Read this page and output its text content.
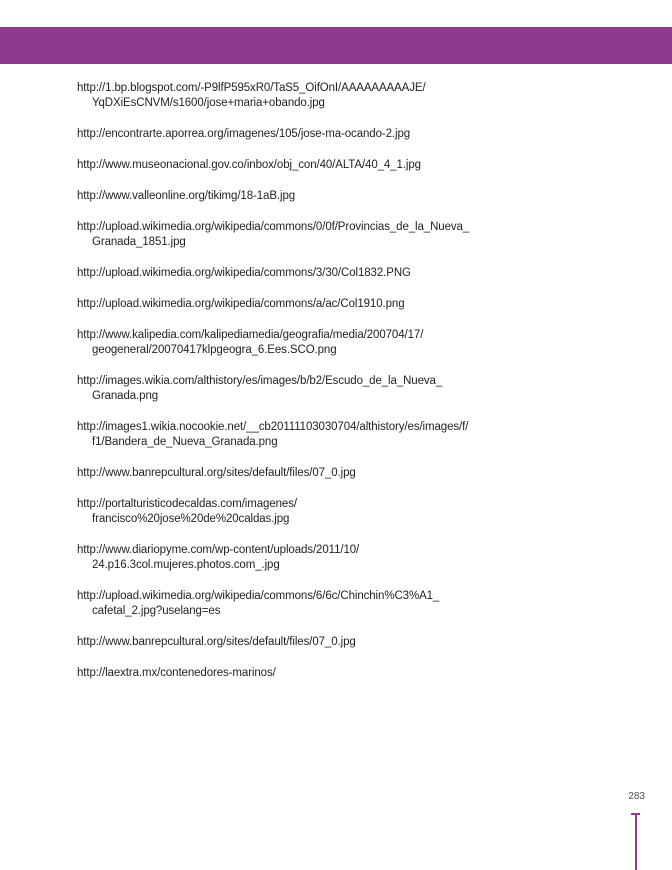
http:/​/​1.bp.blogspot.com/​-P9lfP595xR0/​TaS5_​OifOnI/​AAAAAAAAAJE/​YqDXiEsCNVM/​s1600/​jose+maria+obando.jpg
http:/​/​encontrarte.aporrea.org/​imagenes/​105/​jose-ma-ocando-2.jpg
http:/​/​www.museonacional.gov.co/​inbox/​obj_​con/​40/​ALTA/​40_​4_​1.jpg
http:/​/​www.valleonline.org/​tikimg/​18-1aB.jpg
http:/​/​upload.wikimedia.org/​wikipedia/​commons/​0/​0f/​Provincias_​de_​la_​Nueva_​Granada_​1851.jpg
http:/​/​upload.wikimedia.org/​wikipedia/​commons/​3/​30/​Col1832.PNG
http:/​/​upload.wikimedia.org/​wikipedia/​commons/​a/​ac/​Col1910.png
http:/​/​www.kalipedia.com/​kalipediamedia/​geografia/​media/​200704/​17/​geogeneral/​20070417klpgeogra_​6.Ees.SCO.png
http:/​/​images.wikia.com/​althistory/​es/​images/​b/​b2/​Escudo_​de_​la_​Nueva_​Granada.png
http:/​/​images1.wikia.nocookie.net/​_​_​cb20111103030704/​althistory/​es/​images/​f/​f1/​Bandera_​de_​Nueva_​Granada.png
http:/​/​www.banrepcultural.org/​sites/​default/​files/​07_​0.jpg
http:/​/​portalturisticodecaldas.com/​imagenes/​francisco%20jose%20de%20caldas.jpg
http:/​/​www.diariopyme.com/​wp-content/​uploads/​2011/​10/​24.p16.3col.mujeres.photos.com_​.jpg
http:/​/​upload.wikimedia.org/​wikipedia/​commons/​6/​6c/​Chinchin%C3%A1_​cafetal_​2.jpg?uselang=es
http:/​/​www.banrepcultural.org/​sites/​default/​files/​07_​0.jpg
http:/​/​laextra.mx/​contenedores-marinos/​
283
